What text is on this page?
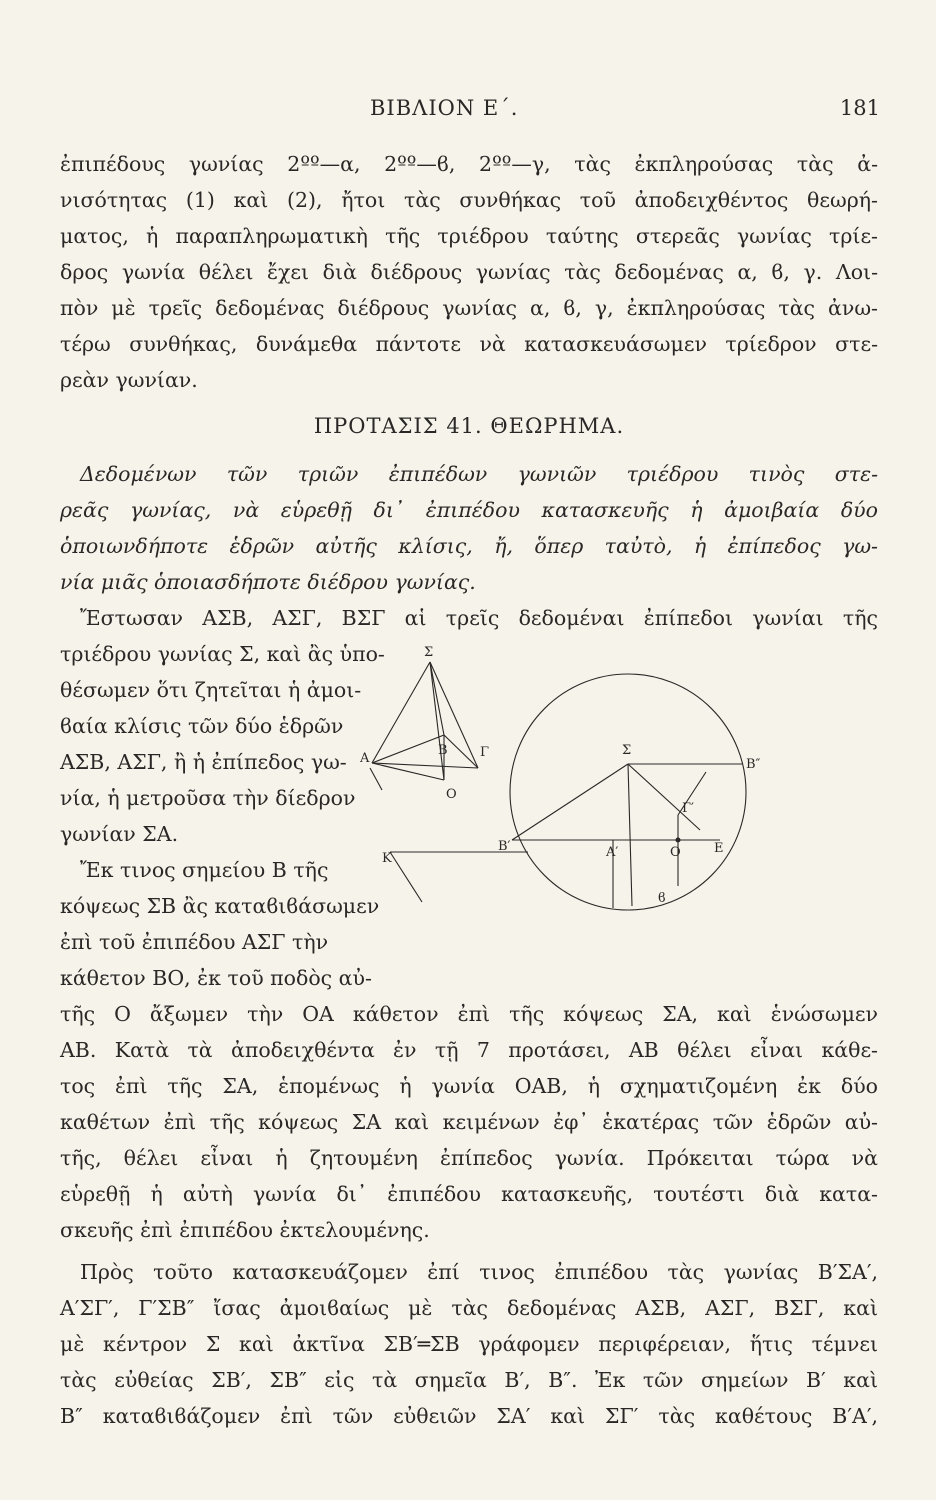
ΒΙΒΛΙΟΝ Ε΄.	181
ἐπιπέδους γωνίας 2ºº—α, 2ºº—ϐ, 2ºº—γ, τὰς ἐκπληρούσας τὰς ἀ-
νισότητας (1) καὶ (2), ἤτοι τὰς συνθήκας τοῦ ἀποδειχθέντος θεωρή-
ματος, ἡ παραπληρωματικὴ τῆς τριέδρου ταύτης στερεᾶς γωνίας τρίε-
δρος γωνία θέλει ἔχει διὰ διέδρους γωνίας τὰς δεδομένας α, ϐ, γ. Λοι-
πὸν μὲ τρεῖς δεδομένας διέδρους γωνίας α, ϐ, γ, ἐκπληρούσας τὰς ἀνω-
τέρω συνθήκας, δυνάμεθα πάντοτε νὰ κατασκευάσωμεν τρίεδρον στε-
ρεὰν γωνίαν.
ΠΡΟΤΑΣΙΣ 41. ΘΕΩΡΗΜΑ.
Δεδομένων τῶν τριῶν ἐπιπέδων γωνιῶν τριέδρου τινὸς στε-
ρεᾶς γωνίας, νὰ εὑρεθῇ δι᾽ ἐπιπέδου κατασκευῆς ἡ ἀμοιβαία δύο
ὁποιωνδήποτε ἑδρῶν αὐτῆς κλίσις, ἤ, ὅπερ ταὐτὸ, ἡ ἐπίπεδος γω-
νία μιᾶς ὁποιασδήποτε διέδρου γωνίας.
Ἔστωσαν ΑΣΒ, ΑΣΓ, ΒΣΓ αἱ τρεῖς δεδομέναι ἐπίπεδοι γωνίαι τῆς
τριέδρου γωνίας Σ, καὶ ἂς ὑπο-
θέσωμεν ὅτι ζητεῖται ἡ ἀμοι-
ϐαία κλίσις τῶν δύο ἑδρῶν
ΑΣΒ, ΑΣΓ, ἢ ἡ ἐπίπεδος γω-
νία, ἡ μετροῦσα τὴν δίεδρον
γωνίαν ΣΑ.
Ἔκ τινος σημείου Β τῆς
κόψεως ΣΒ ἂς καταϐιϐάσωμεν
ἐπὶ τοῦ ἐπιπέδου ΑΣΓ τὴν
κάθετον ΒΟ, ἐκ τοῦ ποδὸς αὐ-
τῆς Ο ἄξωμεν τὴν ΟΑ κάθετον ἐπὶ τῆς κόψεως ΣΑ, καὶ ἑνώσωμεν
ΑΒ. Κατὰ τὰ ἀποδειχθέντα ἐν τῇ 7 προτάσει, ΑΒ θέλει εἶναι κάθε-
τος ἐπὶ τῆς ΣΑ, ἑπομένως ἡ γωνία ΟΑΒ, ἡ σχηματιζομένη ἐκ δύο
καθέτων ἐπὶ τῆς κόψεως ΣΑ καὶ κειμένων ἐφ᾽ ἑκατέρας τῶν ἑδρῶν αὐ-
τῆς, θέλει εἶναι ἡ ζητουμένη ἐπίπεδος γωνία. Πρόκειται τώρα νὰ
εὑρεθῇ ἡ αὐτὴ γωνία δι᾽ ἐπιπέδου κατασκευῆς, τουτέστι διὰ κατα-
σκευῆς ἐπὶ ἐπιπέδου ἐκτελουμένης.
Πρὸς τοῦτο κατασκευάζομεν ἐπί τινος ἐπιπέδου τὰς γωνίας Β′ΣΑ′,
Α′ΣΓ′, Γ′ΣΒ″ ἴσας ἀμοιϐαίως μὲ τὰς δεδομένας ΑΣΒ, ΑΣΓ, ΒΣΓ, καὶ
μὲ κέντρον Σ καὶ ἀκτῖνα ΣΒ′═ΣΒ γράφομεν περιφέρειαν, ἥτις τέμνει
τὰς εὐθείας ΣΒ′, ΣΒ″ εἰς τὰ σημεῖα Β′, Β″. Ἐκ τῶν σημείων Β′ καὶ
Β″ καταϐιϐάζομεν ἐπὶ τῶν εὐθειῶν ΣΑ′ καὶ ΣΓ′ τὰς καθέτους Β′Α′,
Σ
Α
Β Γ
Ο
Κ
Σ
B″
Γ′
Β′	Α′	Ο	Ε
ϐ
